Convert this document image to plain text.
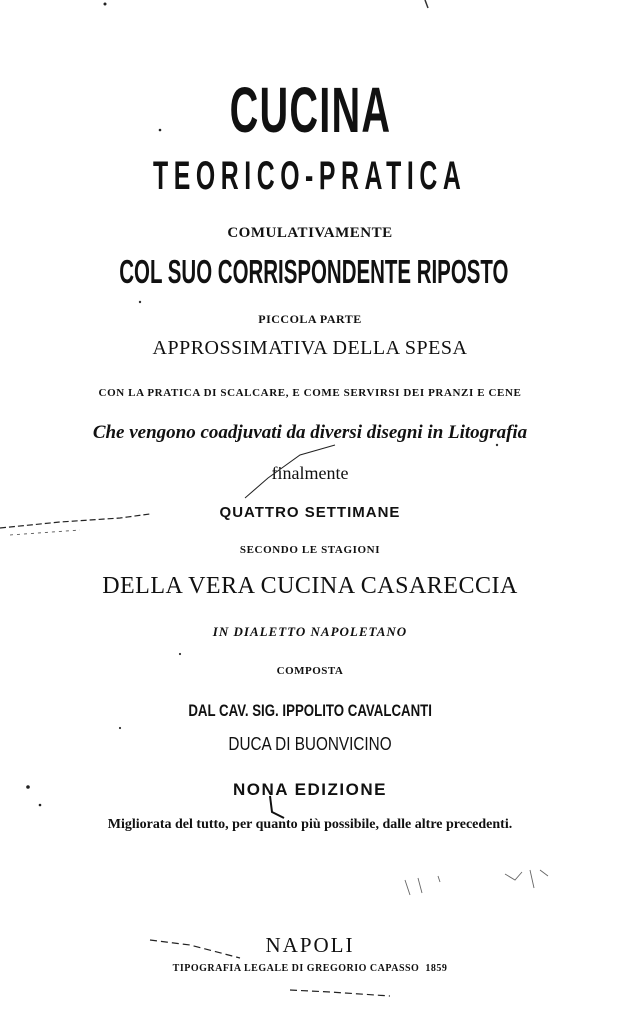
CUCINA

TEORICO-PRATICA

COMULATIVAMENTE

COL SUO CORRISPONDENTE RIPOSTO

PICCOLA PARTE

APPROSSIMATIVA DELLA SPESA

CON LA PRATICA DI SCALCARE, E COME SERVIRSI DEI PRANZI E CENE

Che vengono coadjuvati da diversi disegni in Litografia

finalmente

QUATTRO SETTIMANE

SECONDO LE STAGIONI

DELLA VERA CUCINA CASARECCIA

IN DIALETTO NAPOLETANO

COMPOSTA

DAL CAV. SIG. IPPOLITO CAVALCANTI

DUCA DI BUONVICINO

NONA EDIZIONE

Migliorata del tutto, per quanto più possibile, dalle altre precedenti.

NAPOLI

TIPOGRAFIA LEGALE DI GREGORIO CAPASSO 1859
